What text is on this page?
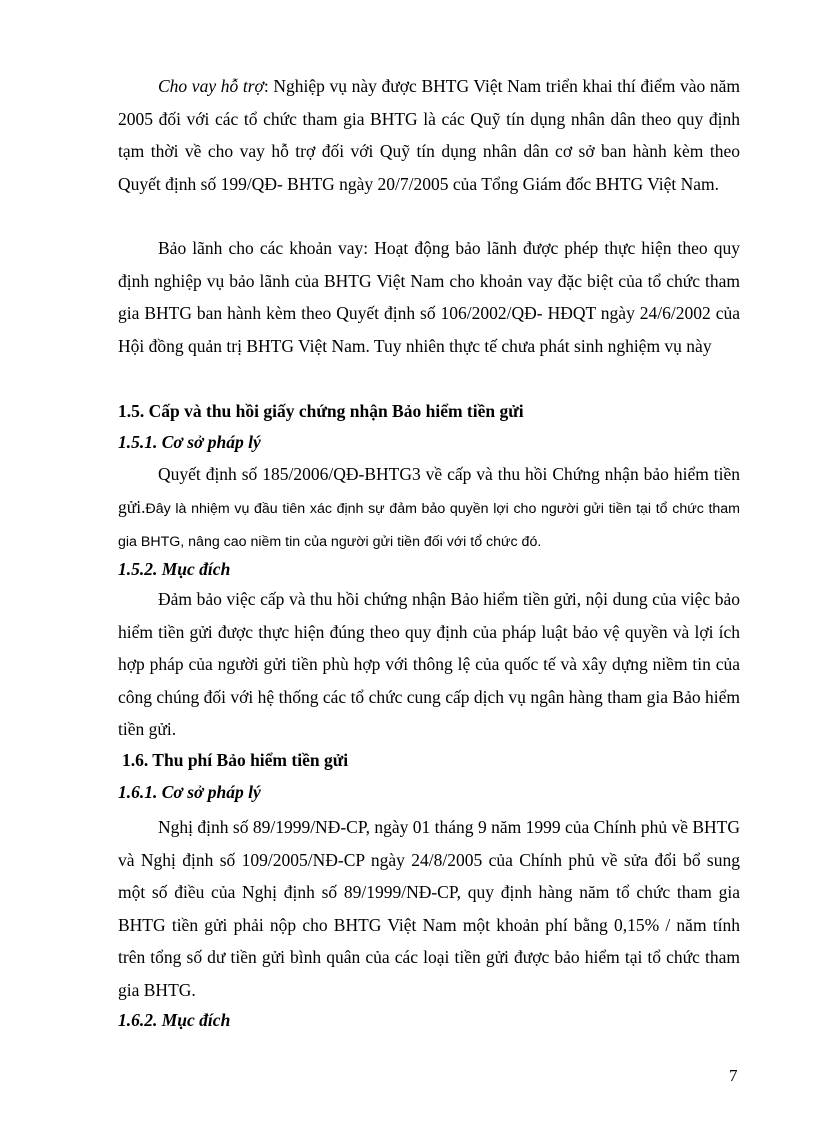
Cho vay hỗ trợ: Nghiệp vụ này được BHTG Việt Nam triển khai thí điểm vào năm 2005 đối với các tổ chức tham gia BHTG là các Quỹ tín dụng nhân dân theo quy định tạm thời về cho vay hỗ trợ đối với Quỹ tín dụng nhân dân cơ sở ban hành kèm theo Quyết định số 199/QĐ- BHTG ngày 20/7/2005 của Tổng Giám đốc BHTG Việt Nam.

Bảo lãnh cho các khoản vay: Hoạt động bảo lãnh được phép thực hiện theo quy định nghiệp vụ bảo lãnh của BHTG Việt Nam cho khoản vay đặc biệt của tổ chức tham gia BHTG ban hành kèm theo Quyết định số 106/2002/QĐ- HĐQT ngày 24/6/2002 của Hội đồng quản trị BHTG Việt Nam. Tuy nhiên thực tế chưa phát sinh nghiệm vụ này

1.5. Cấp và thu hồi giấy chứng nhận Bảo hiểm tiền gửi
1.5.1. Cơ sở pháp lý

Quyết định số 185/2006/QĐ-BHTG3 về cấp và thu hồi Chứng nhận bảo hiểm tiền gửi.Đây là nhiệm vụ đầu tiên xác định sự đảm bảo quyền lợi cho người gửi tiền tại tổ chức tham gia BHTG, nâng cao niềm tin của người gửi tiền đối với tổ chức đó.

1.5.2. Mục đích

Đảm bảo việc cấp và thu hồi chứng nhận Bảo hiểm tiền gửi, nội dung của việc bảo hiểm tiền gửi được thực hiện đúng theo quy định của pháp luật bảo vệ quyền và lợi ích hợp pháp của người gửi tiền phù hợp với thông lệ của quốc tế và xây dựng niềm tin của công chúng đối với hệ thống các tổ chức cung cấp dịch vụ ngân hàng tham gia Bảo hiểm tiền gửi.

1.6. Thu phí Bảo hiểm tiền gửi
1.6.1. Cơ sở pháp lý

Nghị định số 89/1999/NĐ-CP, ngày 01 tháng 9 năm 1999 của Chính phủ về BHTG và Nghị định số 109/2005/NĐ-CP ngày 24/8/2005 của Chính phủ về sửa đổi bổ sung một số điều của Nghị định số 89/1999/NĐ-CP, quy định hàng năm tổ chức tham gia BHTG tiền gửi phải nộp cho BHTG Việt Nam một khoản phí bằng 0,15% / năm tính trên tổng số dư tiền gửi bình quân của các loại tiền gửi được bảo hiểm tại tổ chức tham gia BHTG.

1.6.2. Mục đích
7
